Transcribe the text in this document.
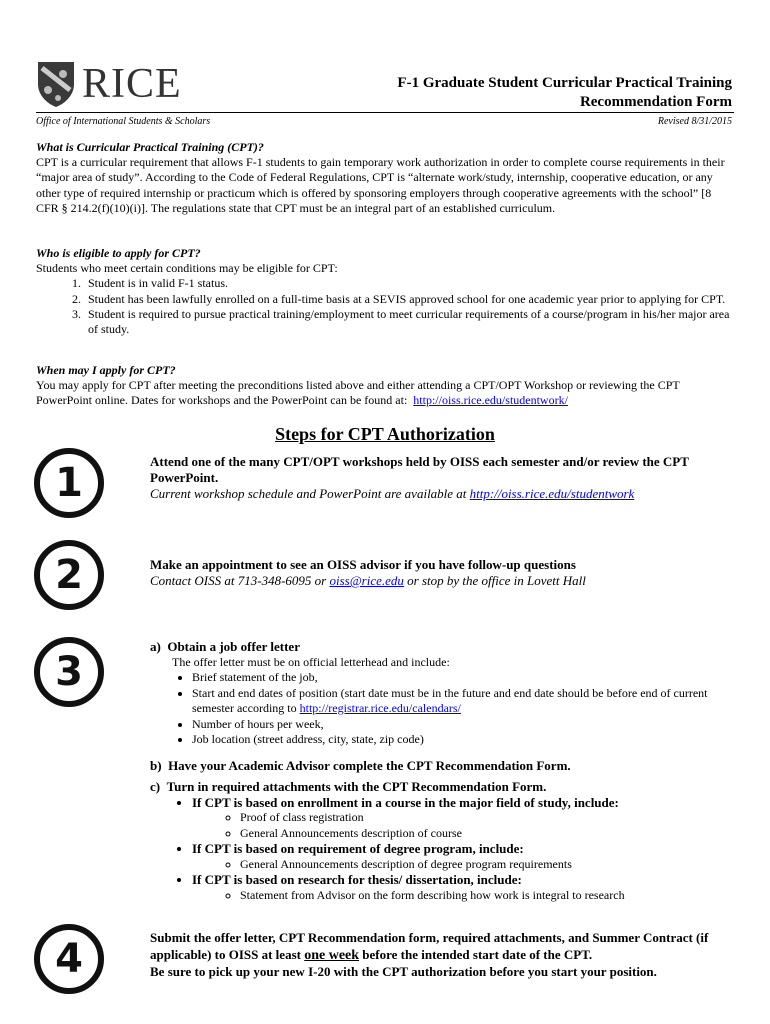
RICE	F-1 Graduate Student Curricular Practical Training
Recommendation Form
Office of International Students & Scholars	Revised 8/31/2015
What is Curricular Practical Training (CPT)?
CPT is a curricular requirement that allows F-1 students to gain temporary work authorization in order to complete course requirements in their “major area of study”. According to the Code of Federal Regulations, CPT is “alternate work/study, internship, cooperative education, or any other type of required internship or practicum which is offered by sponsoring employers through cooperative agreements with the school” [8 CFR § 214.2(f)(10)(i)]. The regulations state that CPT must be an integral part of an established curriculum.
Who is eligible to apply for CPT?
Students who meet certain conditions may be eligible for CPT:
1. Student is in valid F-1 status.
2. Student has been lawfully enrolled on a full-time basis at a SEVIS approved school for one academic year prior to applying for CPT.
3. Student is required to pursue practical training/employment to meet curricular requirements of a course/program in his/her major area of study.
When may I apply for CPT?
You may apply for CPT after meeting the preconditions listed above and either attending a CPT/OPT Workshop or reviewing the CPT PowerPoint online. Dates for workshops and the PowerPoint can be found at: http://oiss.rice.edu/studentwork/
Steps for CPT Authorization
1	Attend one of the many CPT/OPT workshops held by OISS each semester and/or review the CPT PowerPoint.
Current workshop schedule and PowerPoint are available at http://oiss.rice.edu/studentwork
2	Make an appointment to see an OISS advisor if you have follow-up questions
Contact OISS at 713-348-6095 or oiss@rice.edu or stop by the office in Lovett Hall
3
a) Obtain a job offer letter
The offer letter must be on official letterhead and include:
• Brief statement of the job,
• Start and end dates of position (start date must be in the future and end date should be before end of current semester according to http://registrar.rice.edu/calendars/
• Number of hours per week,
• Job location (street address, city, state, zip code)
b) Have your Academic Advisor complete the CPT Recommendation Form.
c) Turn in required attachments with the CPT Recommendation Form.
• If CPT is based on enrollment in a course in the major field of study, include:
◦ Proof of class registration
◦ General Announcements description of course
• If CPT is based on requirement of degree program, include:
◦ General Announcements description of degree program requirements
• If CPT is based on research for thesis/ dissertation, include:
◦ Statement from Advisor on the form describing how work is integral to research
4	Submit the offer letter, CPT Recommendation form, required attachments, and Summer Contract (if applicable) to OISS at least one week before the intended start date of the CPT.
Be sure to pick up your new I-20 with the CPT authorization before you start your position.
